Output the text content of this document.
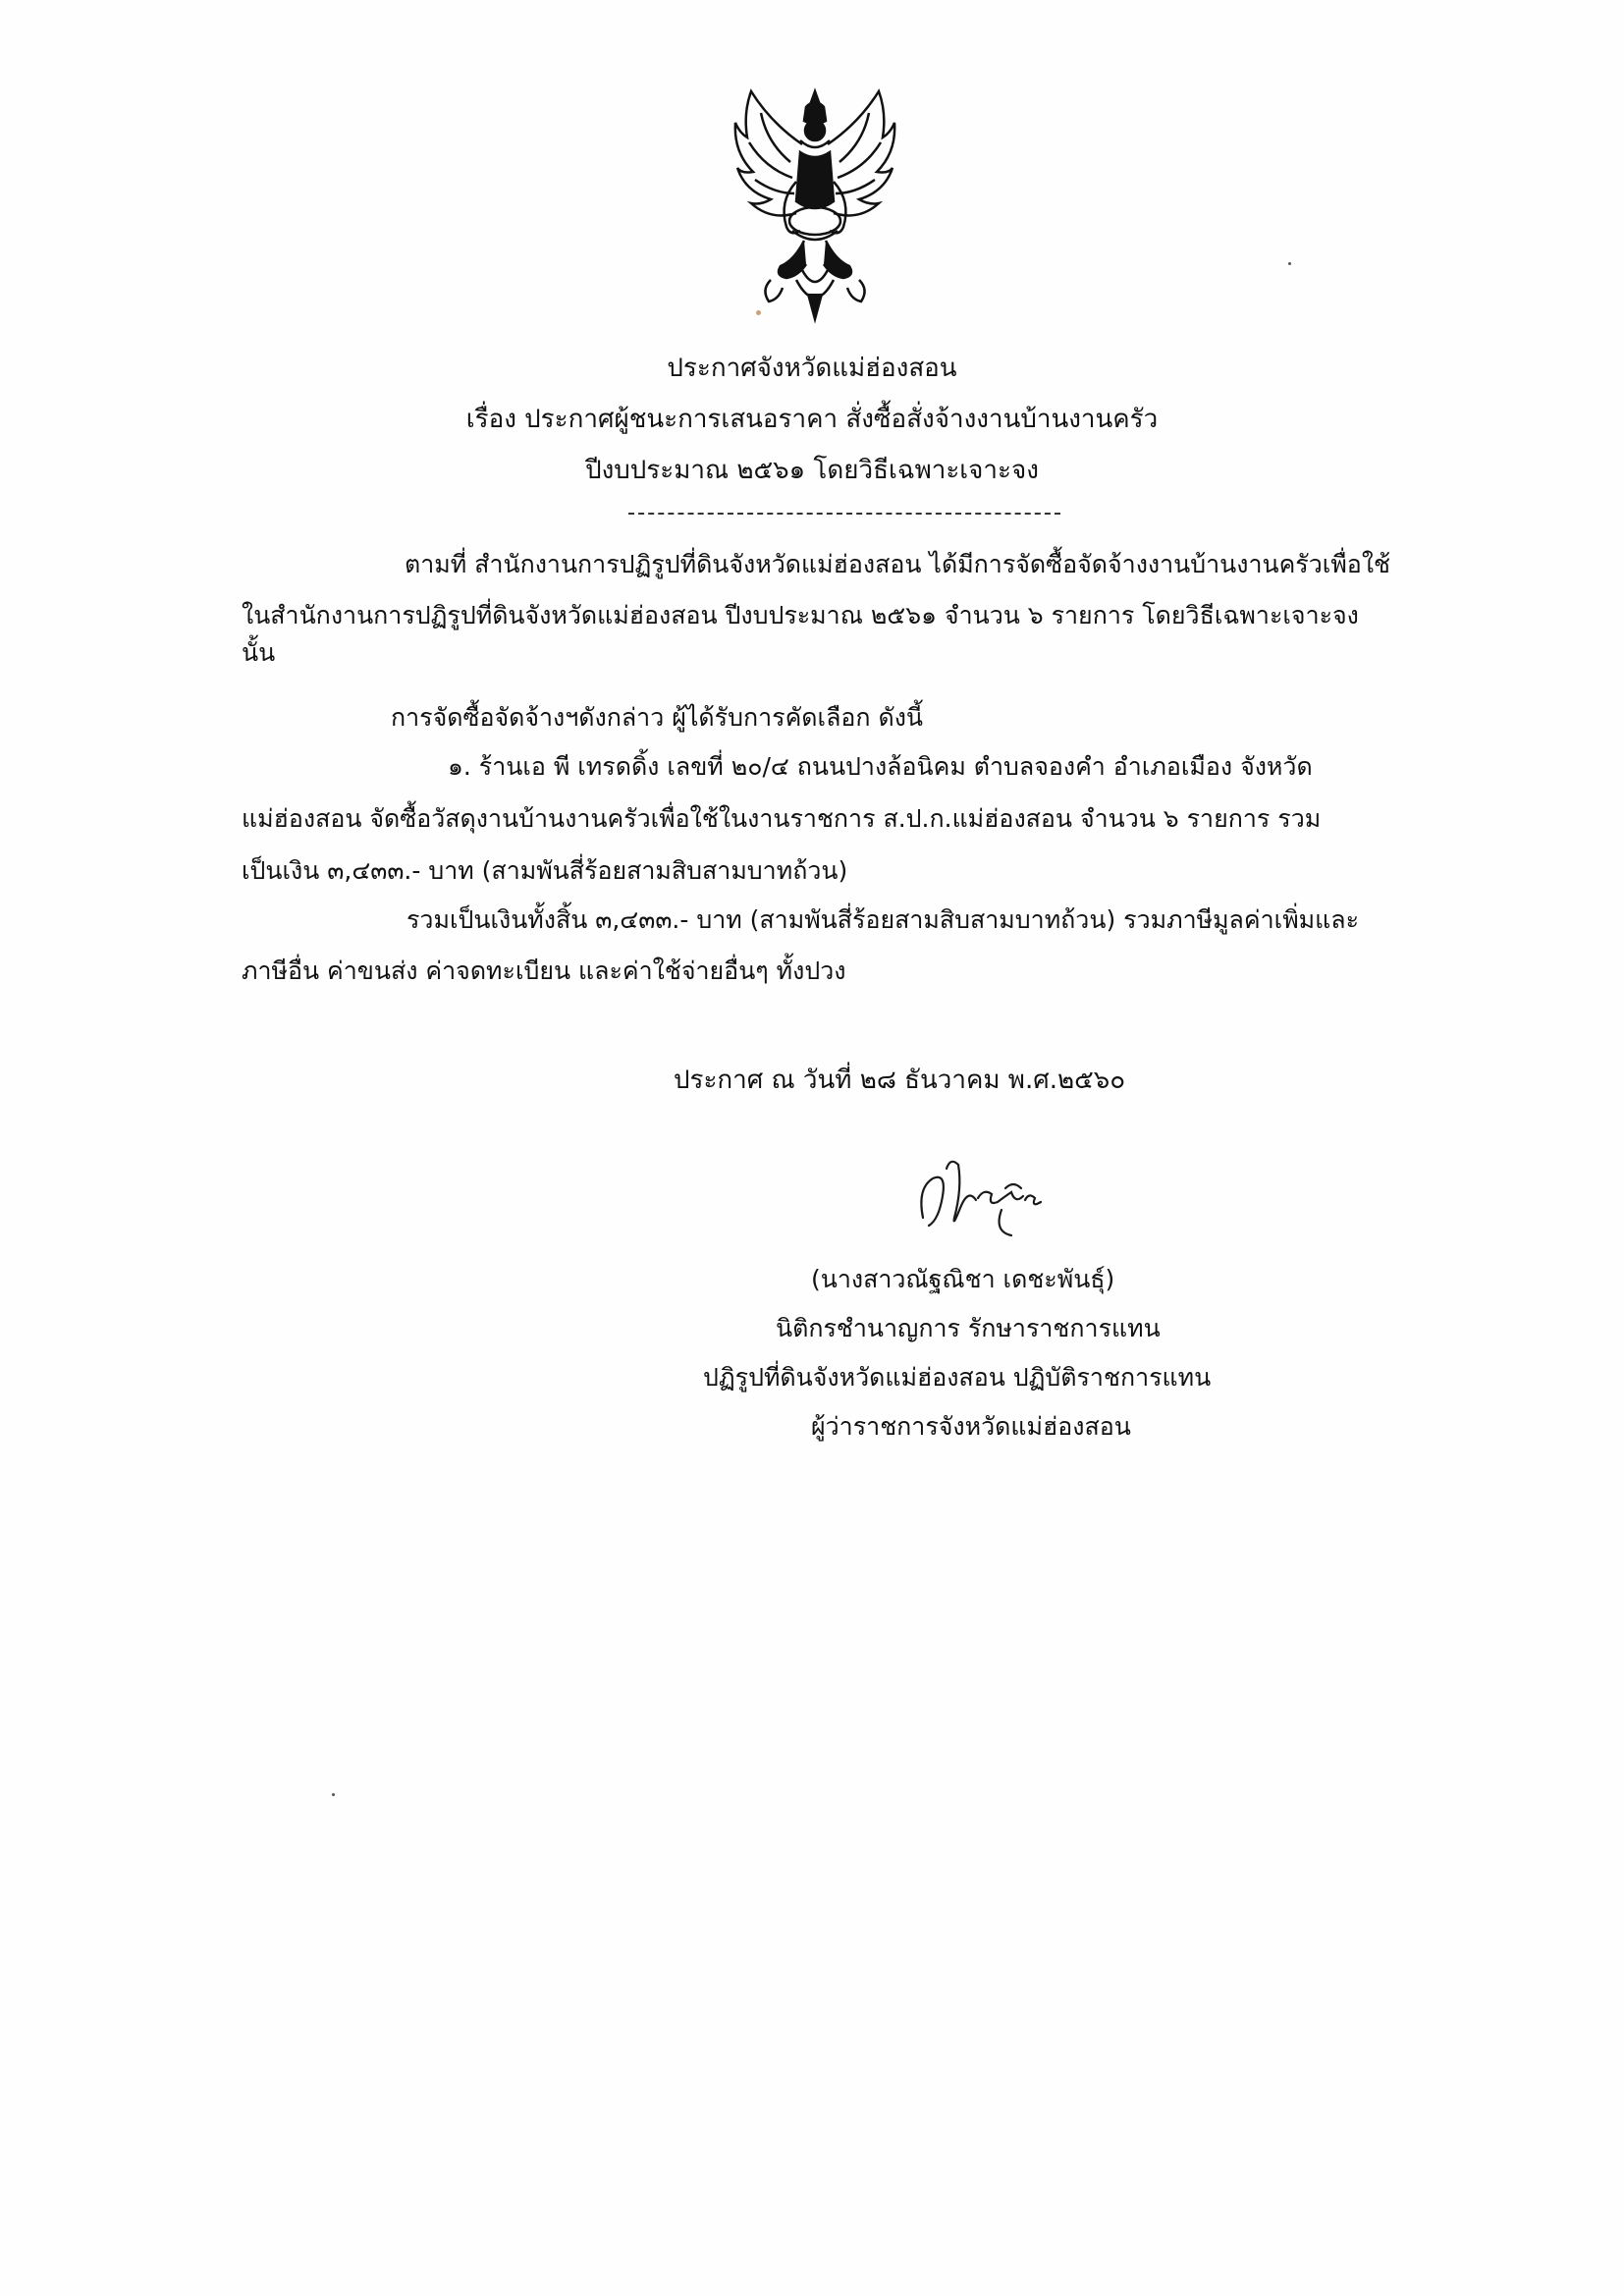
ประกาศจังหวัดแม่ฮ่องสอน
เรื่อง ประกาศผู้ชนะการเสนอราคา สั่งซื้อสั่งจ้างงานบ้านงานครัว
ปีงบประมาณ ๒๕๖๑ โดยวิธีเฉพาะเจาะจง
ตามที่ สำนักงานการปฏิรูปที่ดินจังหวัดแม่ฮ่องสอน ได้มีการจัดซื้อจัดจ้างงานบ้านงานครัวเพื่อใช้
ในสำนักงานการปฏิรูปที่ดินจังหวัดแม่ฮ่องสอน ปีงบประมาณ ๒๕๖๑ จำนวน ๖ รายการ โดยวิธีเฉพาะเจาะจง
นั้น
การจัดซื้อจัดจ้างฯดังกล่าว ผู้ได้รับการคัดเลือก ดังนี้
๑. ร้านเอ พี เทรดดิ้ง เลขที่ ๒๐/๔ ถนนปางล้อนิคม ตำบลจองคำ อำเภอเมือง จังหวัด
แม่ฮ่องสอน จัดซื้อวัสดุงานบ้านงานครัวเพื่อใช้ในงานราชการ ส.ป.ก.แม่ฮ่องสอน จำนวน ๖ รายการ รวม
เป็นเงิน ๓,๔๓๓.- บาท (สามพันสี่ร้อยสามสิบสามบาทถ้วน)
รวมเป็นเงินทั้งสิ้น ๓,๔๓๓.- บาท (สามพันสี่ร้อยสามสิบสามบาทถ้วน) รวมภาษีมูลค่าเพิ่มและ
ภาษีอื่น ค่าขนส่ง ค่าจดทะเบียน และค่าใช้จ่ายอื่นๆ ทั้งปวง
ประกาศ ณ วันที่ ๒๘ ธันวาคม พ.ศ.๒๕๖๐
(นางสาวณัฐณิชา เดชะพันธุ์)
นิติกรชำนาญการ รักษาราชการแทน
ปฏิรูปที่ดินจังหวัดแม่ฮ่องสอน ปฏิบัติราชการแทน
ผู้ว่าราชการจังหวัดแม่ฮ่องสอน
